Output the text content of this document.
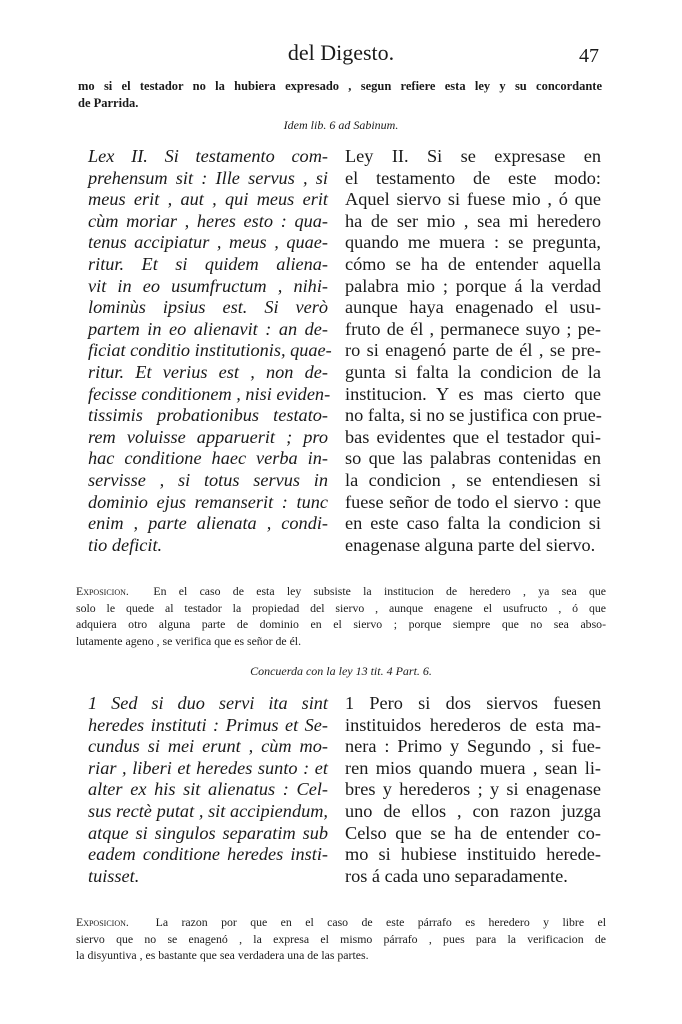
del Digesto.	47
mo si el testador no la hubiera expresado , segun refiere esta ley y su concordante
de Parrida.
Idem lib. 6 ad Sabinum.
Lex II. Si testamento com-
prehensum sit : Ille servus , si
meus erit , aut , qui meus erit
cùm moriar , heres esto : qua-
tenus accipiatur , meus , quae-
ritur. Et si quidem aliena-
vit in eo usumfructum , nihi-
lominùs ipsius est. Si verò
partem in eo alienavit : an de-
ficiat conditio institutionis, quae-
ritur. Et verius est , non de-
fecisse conditionem , nisi eviden-
tissimis probationibus testato-
rem voluisse apparuerit ; pro
hac conditione haec verba in-
servisse , si totus servus in
dominio ejus remanserit : tunc
enim , parte alienata , condi-
tio deficit.
Ley II. Si se expresase en
el testamento de este modo:
Aquel siervo si fuese mio , ó que
ha de ser mio , sea mi heredero
quando me muera : se pregunta,
cómo se ha de entender aquella
palabra mio ; porque á la verdad
aunque haya enagenado el usu-
fruto de él , permanece suyo ; pe-
ro si enagenó parte de él , se pre-
gunta si falta la condicion de la
institucion. Y es mas cierto que
no falta, si no se justifica con prue-
bas evidentes que el testador qui-
so que las palabras contenidas en
la condicion , se entendiesen si
fuese señor de todo el siervo : que
en este caso falta la condicion si
enagenase alguna parte del siervo.
Exposicion. En el caso de esta ley subsiste la institucion de heredero , ya sea que
solo le quede al testador la propiedad del siervo , aunque enagene el usufructo , ó que
adquiera otro alguna parte de dominio en el siervo ; porque siempre que no sea abso-
lutamente ageno , se verifica que es señor de él.
Concuerda con la ley 13 tit. 4 Part. 6.
1 Sed si duo servi ita sint
heredes instituti : Primus et Se-
cundus si mei erunt , cùm mo-
riar , liberi et heredes sunto : et
alter ex his sit alienatus : Cel-
sus rectè putat , sit accipiendum,
atque si singulos separatim sub
eadem conditione heredes insti-
tuisset.
1 Pero si dos siervos fuesen
instituidos herederos de esta ma-
nera : Primo y Segundo , si fue-
ren mios quando muera , sean li-
bres y herederos ; y si enagenase
uno de ellos , con razon juzga
Celso que se ha de entender co-
mo si hubiese instituido herede-
ros á cada uno separadamente.
Exposicion. La razon por que en el caso de este párrafo es heredero y libre el
siervo que no se enagenó , la expresa el mismo párrafo , pues para la verificacion de
la disyuntiva , es bastante que sea verdadera una de las partes.
